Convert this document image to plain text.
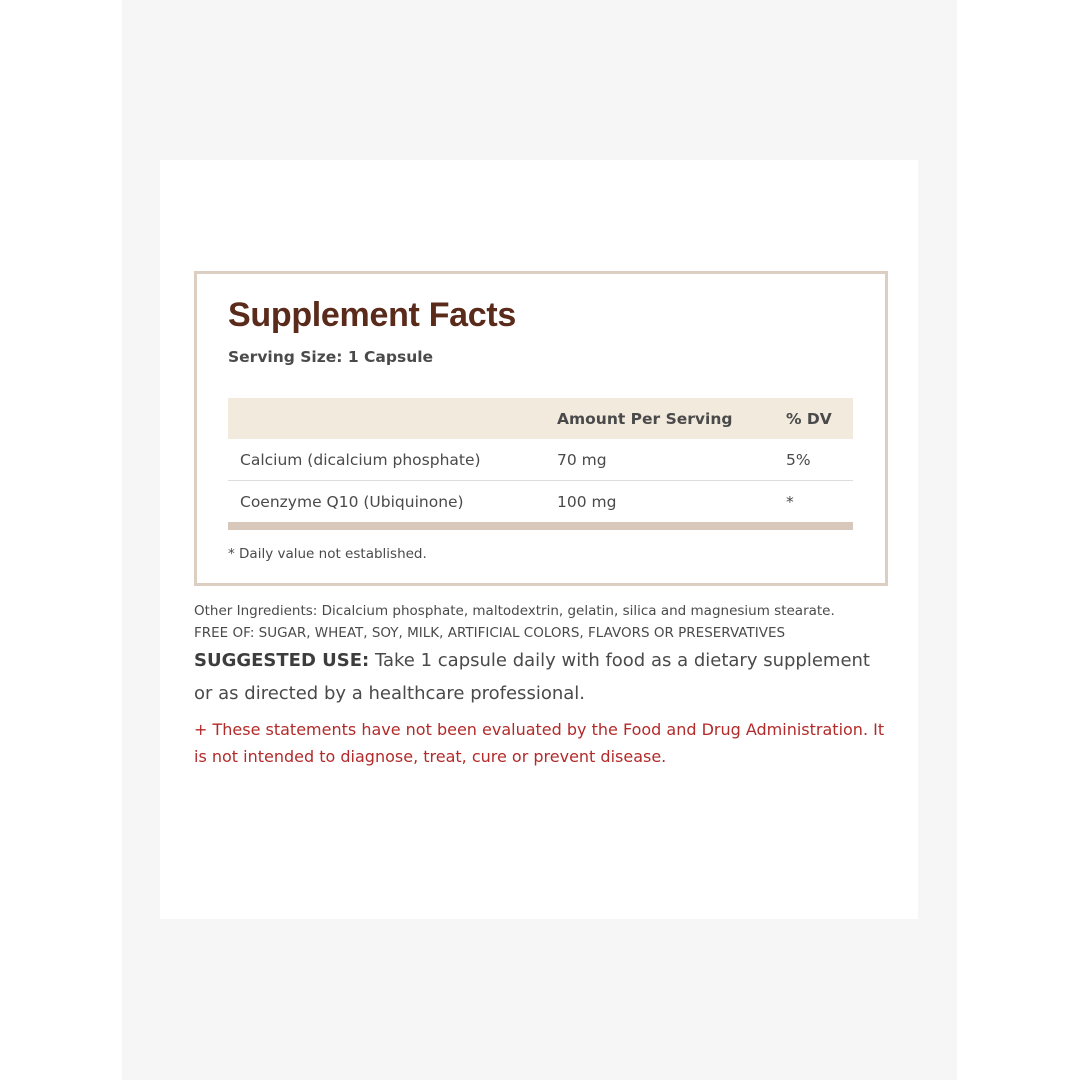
Supplement Facts
Serving Size: 1 Capsule
	Amount Per Serving	% DV
Calcium (dicalcium phosphate)	70 mg	5%
Coenzyme Q10 (Ubiquinone)	100 mg	*
* Daily value not established.
Other Ingredients: Dicalcium phosphate, maltodextrin, gelatin, silica and magnesium stearate.
FREE OF: SUGAR, WHEAT, SOY, MILK, ARTIFICIAL COLORS, FLAVORS OR PRESERVATIVES
SUGGESTED USE: Take 1 capsule daily with food as a dietary supplement or as directed by a healthcare professional.
+ These statements have not been evaluated by the Food and Drug Administration. It is not intended to diagnose, treat, cure or prevent disease.
